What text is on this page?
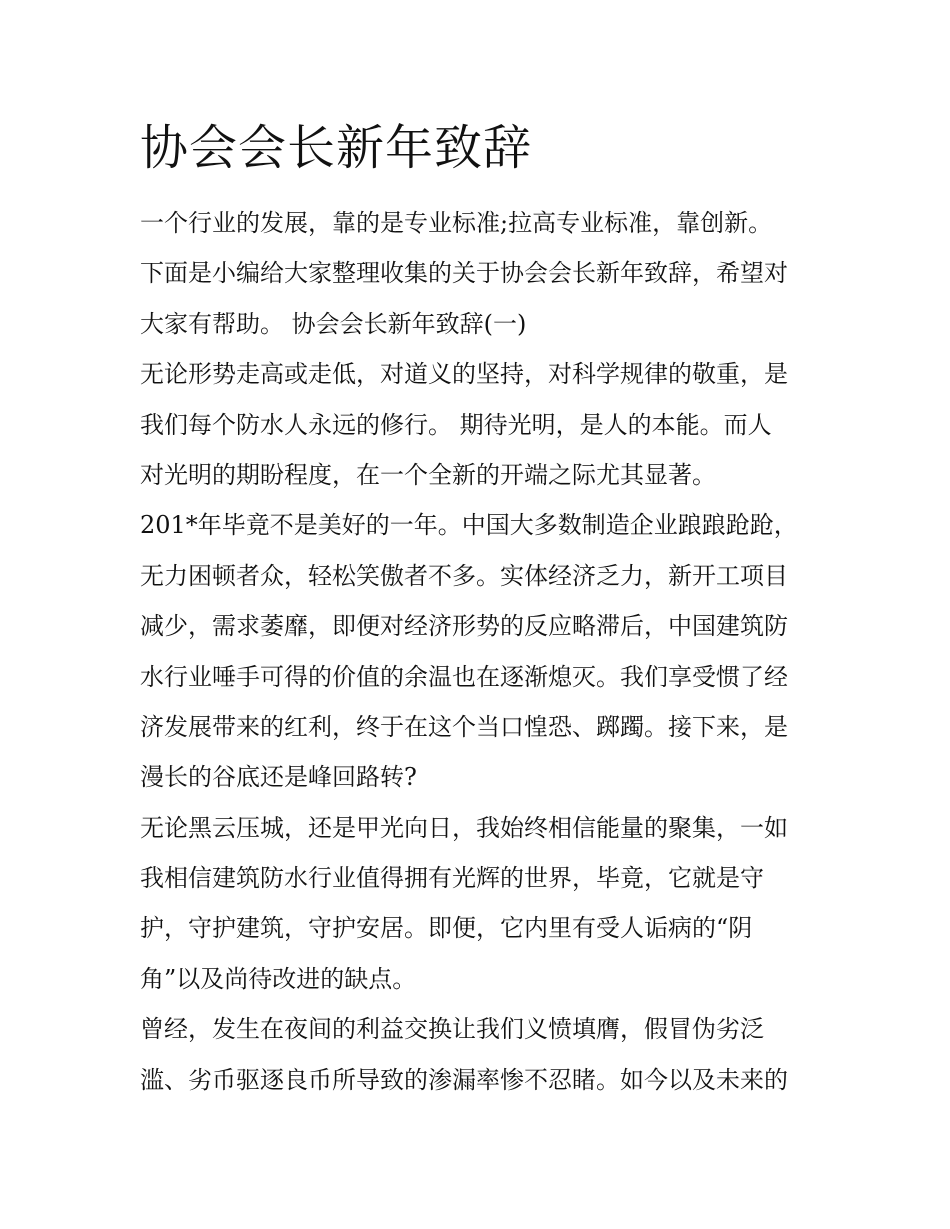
协会会长新年致辞
一个行业的发展，靠的是专业标准;拉高专业标准，靠创新。
下面是小编给大家整理收集的关于协会会长新年致辞，希望对
大家有帮助。 协会会长新年致辞(一)
无论形势走高或走低，对道义的坚持，对科学规律的敬重，是
我们每个防水人永远的修行。 期待光明，是人的本能。而人
对光明的期盼程度，在一个全新的开端之际尤其显著。
201*年毕竟不是美好的一年。中国大多数制造企业踉踉跄跄，
无力困顿者众，轻松笑傲者不多。实体经济乏力，新开工项目
减少，需求萎靡，即便对经济形势的反应略滞后，中国建筑防
水行业唾手可得的价值的余温也在逐渐熄灭。我们享受惯了经
济发展带来的红利，终于在这个当口惶恐、踯躅。接下来，是
漫长的谷底还是峰回路转?
无论黑云压城，还是甲光向日，我始终相信能量的聚集，一如
我相信建筑防水行业值得拥有光辉的世界，毕竟，它就是守
护，守护建筑，守护安居。即便，它内里有受人诟病的“阴
角”以及尚待改进的缺点。
曾经，发生在夜间的利益交换让我们义愤填膺，假冒伪劣泛
滥、劣币驱逐良币所导致的渗漏率惨不忍睹。如今以及未来的
